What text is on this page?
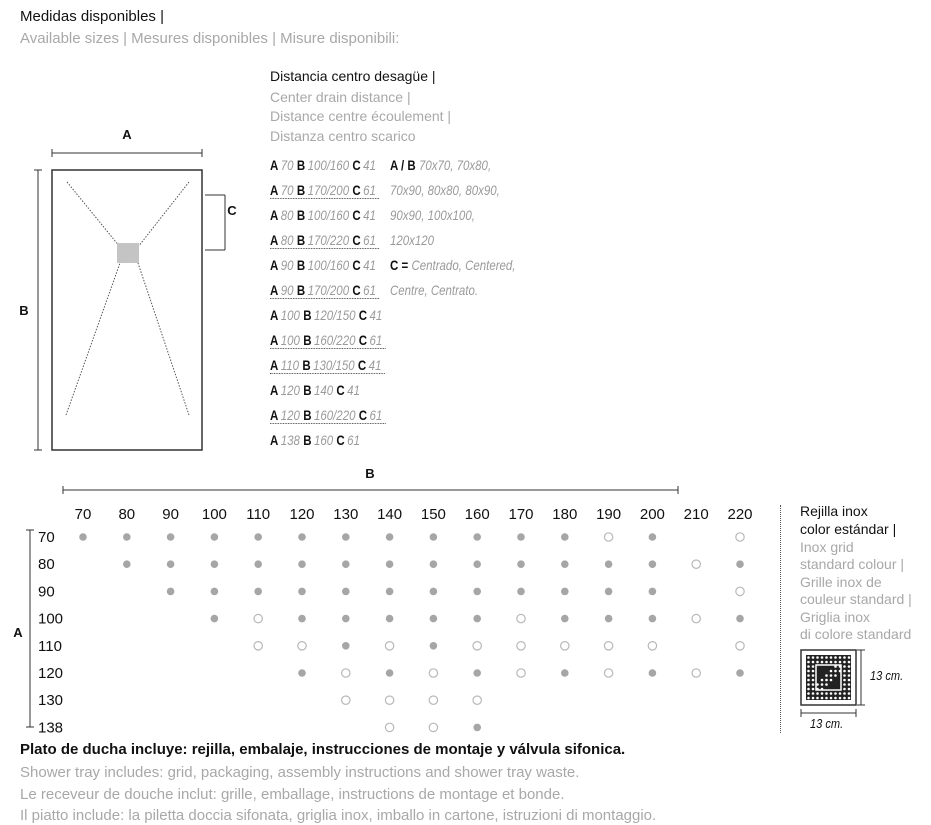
Medidas disponibles |
Available sizes | Mesures disponibles | Misure disponibili:
A
B
C
Distancia centro desagüe |
Center drain distance |
Distance centre écoulement |
Distanza centro scarico
A 70 B 100/160 C 41
A 70 B 170/200 C 61
A 80 B 100/160 C 41
A 80 B 170/220 C 61
A 90 B 100/160 C 41
A 90 B 170/200 C 61
A 100 B 120/150 C 41
A 100 B 160/220 C 61
A 110 B 130/150 C 41
A 120 B 140 C 41
A 120 B 160/220 C 61
A 138 B 160 C 61
A / B 70x70, 70x80,
70x90, 80x80, 80x90,
90x90, 100x100,
120x120
C = Centrado, Centered,
Centre, Centrato.
B
A
70 80 90 100 110 120 130 140 150 160 170 180 190 200 210 220
70
80
90
100
110
120
130
138
Rejilla inox
color estándar |
Inox grid
standard colour |
Grille inox de
couleur standard |
Griglia inox
di colore standard
13 cm.
13 cm.
Plato de ducha incluye: rejilla, embalaje, instrucciones de montaje y válvula sifonica.
Shower tray includes: grid, packaging, assembly instructions and shower tray waste.
Le receveur de douche inclut: grille, emballage, instructions de montage et bonde.
Il piatto include: la piletta doccia sifonata, griglia inox, imballo in cartone, istruzioni di montaggio.
